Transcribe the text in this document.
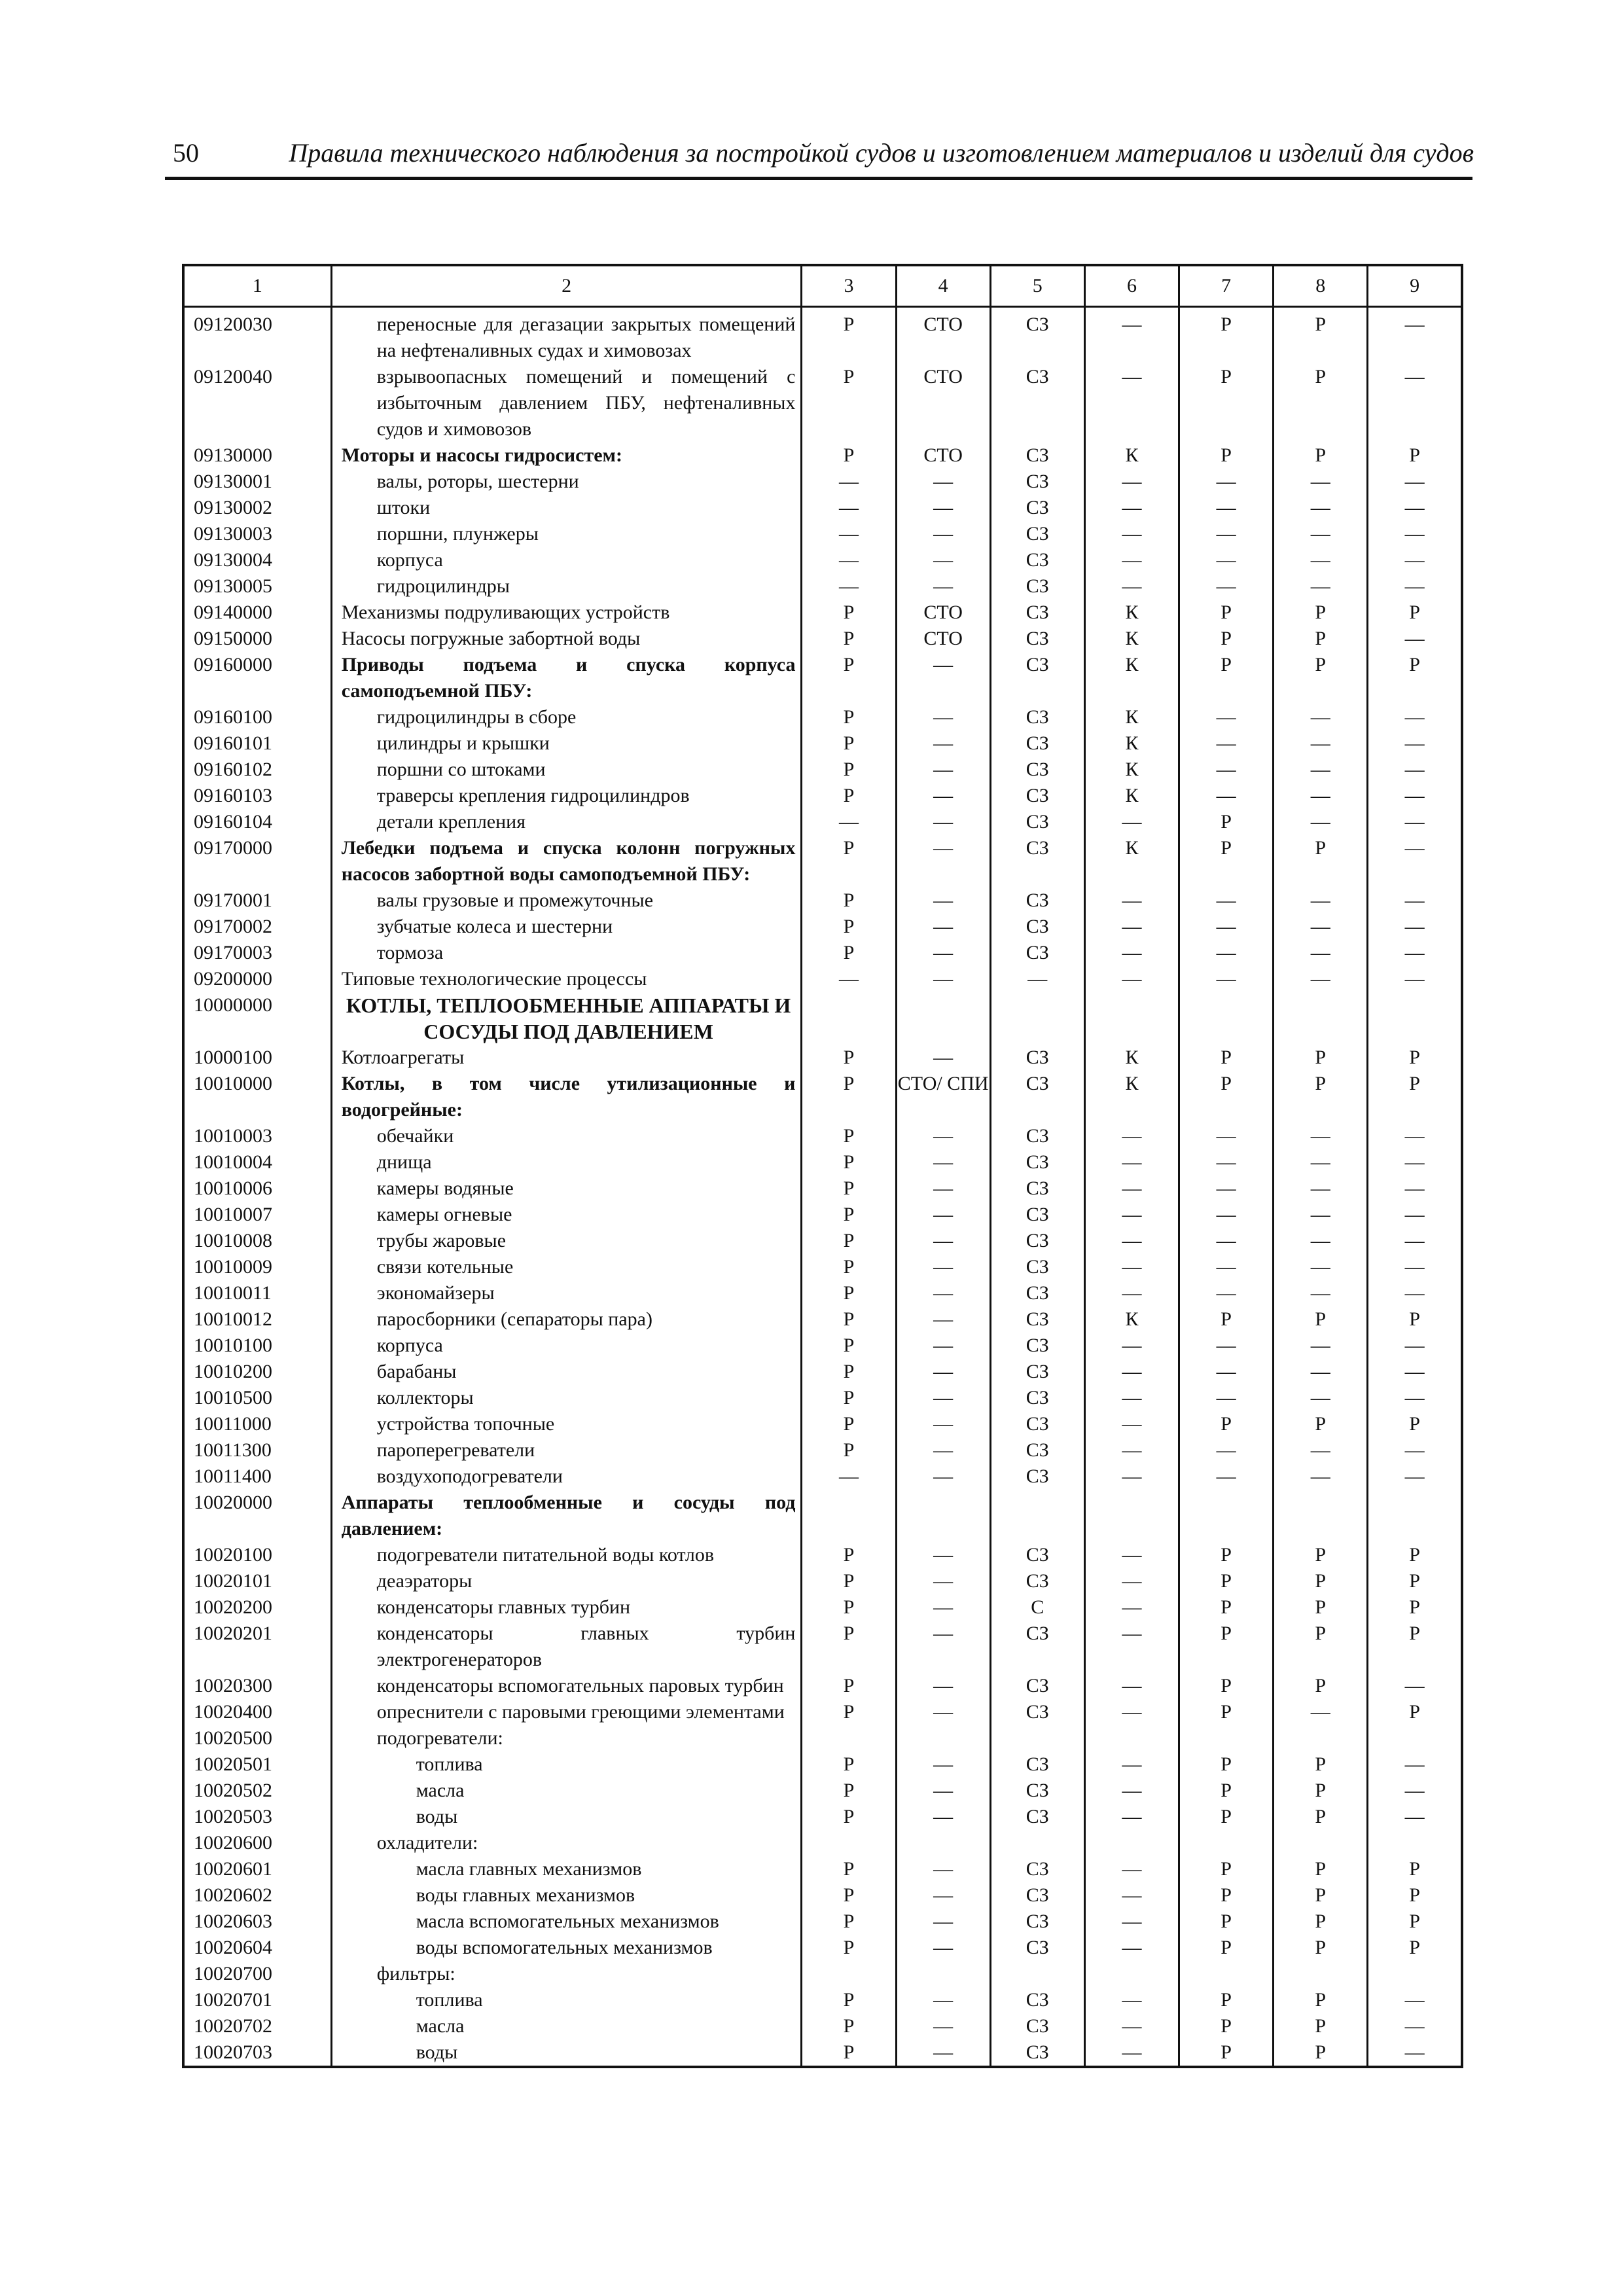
50	Правила технического наблюдения за постройкой судов и изготовлением материалов и изделий для судов
1	2	3	4	5	6	7	8	9
09120030	переносные для дегазации закрытых помещений на нефтеналивных судах и химовозах	Р	СТО	СЗ	—	Р	Р	—
09120040	взрывоопасных помещений и помещений с избыточным давлением ПБУ, нефтеналивных судов и химовозов	Р	СТО	СЗ	—	Р	Р	—
09130000	Моторы и насосы гидросистем:	Р	СТО	СЗ	К	Р	Р	Р
09130001	валы, роторы, шестерни	—	—	СЗ	—	—	—	—
09130002	штоки	—	—	СЗ	—	—	—	—
09130003	поршни, плунжеры	—	—	СЗ	—	—	—	—
09130004	корпуса	—	—	СЗ	—	—	—	—
09130005	гидроцилиндры	—	—	СЗ	—	—	—	—
09140000	Механизмы подруливающих устройств	Р	СТО	СЗ	К	Р	Р	Р
09150000	Насосы погружные забортной воды	Р	СТО	СЗ	К	Р	Р	—
09160000	Приводы подъема и спуска корпуса самоподъемной ПБУ:	Р	—	СЗ	К	Р	Р	Р
09160100	гидроцилиндры в сборе	Р	—	СЗ	К	—	—	—
09160101	цилиндры и крышки	Р	—	СЗ	К	—	—	—
09160102	поршни со штоками	Р	—	СЗ	К	—	—	—
09160103	траверсы крепления гидроцилиндров	Р	—	СЗ	К	—	—	—
09160104	детали крепления	—	—	СЗ	—	Р	—	—
09170000	Лебедки подъема и спуска колонн погружных насосов забортной воды самоподъемной ПБУ:	Р	—	СЗ	К	Р	Р	—
09170001	валы грузовые и промежуточные	Р	—	СЗ	—	—	—	—
09170002	зубчатые колеса и шестерни	Р	—	СЗ	—	—	—	—
09170003	тормоза	Р	—	СЗ	—	—	—	—
09200000	Типовые технологические процессы	—	—	—	—	—	—	—
10000000	КОТЛЫ, ТЕПЛООБМЕННЫЕ АППАРАТЫ И СОСУДЫ ПОД ДАВЛЕНИЕМ							
10000100	Котлоагрегаты	Р	—	СЗ	К	Р	Р	Р
10010000	Котлы, в том числе утилизационные и водогрейные:	Р	СТО/ СПИ	СЗ	К	Р	Р	Р
10010003	обечайки	Р	—	СЗ	—	—	—	—
10010004	днища	Р	—	СЗ	—	—	—	—
10010006	камеры водяные	Р	—	СЗ	—	—	—	—
10010007	камеры огневые	Р	—	СЗ	—	—	—	—
10010008	трубы жаровые	Р	—	СЗ	—	—	—	—
10010009	связи котельные	Р	—	СЗ	—	—	—	—
10010011	экономайзеры	Р	—	СЗ	—	—	—	—
10010012	паросборники (сепараторы пара)	Р	—	СЗ	К	Р	Р	Р
10010100	корпуса	Р	—	СЗ	—	—	—	—
10010200	барабаны	Р	—	СЗ	—	—	—	—
10010500	коллекторы	Р	—	СЗ	—	—	—	—
10011000	устройства топочные	Р	—	СЗ	—	Р	Р	Р
10011300	пароперегреватели	Р	—	СЗ	—	—	—	—
10011400	воздухоподогреватели	—	—	СЗ	—	—	—	—
10020000	Аппараты теплообменные и сосуды под давлением:							
10020100	подогреватели питательной воды котлов	Р	—	СЗ	—	Р	Р	Р
10020101	деаэраторы	Р	—	СЗ	—	Р	Р	Р
10020200	конденсаторы главных турбин	Р	—	С	—	Р	Р	Р
10020201	конденсаторы главных турбин электрогенераторов	Р	—	СЗ	—	Р	Р	Р
10020300	конденсаторы вспомогательных паровых турбин	Р	—	СЗ	—	Р	Р	—
10020400	опреснители с паровыми греющими элементами	Р	—	СЗ	—	Р	—	Р
10020500	подогреватели:							
10020501	топлива	Р	—	СЗ	—	Р	Р	—
10020502	масла	Р	—	СЗ	—	Р	Р	—
10020503	воды	Р	—	СЗ	—	Р	Р	—
10020600	охладители:							
10020601	масла главных механизмов	Р	—	СЗ	—	Р	Р	Р
10020602	воды главных механизмов	Р	—	СЗ	—	Р	Р	Р
10020603	масла вспомогательных механизмов	Р	—	СЗ	—	Р	Р	Р
10020604	воды вспомогательных механизмов	Р	—	СЗ	—	Р	Р	Р
10020700	фильтры:							
10020701	топлива	Р	—	СЗ	—	Р	Р	—
10020702	масла	Р	—	СЗ	—	Р	Р	—
10020703	воды	Р	—	СЗ	—	Р	Р	—
